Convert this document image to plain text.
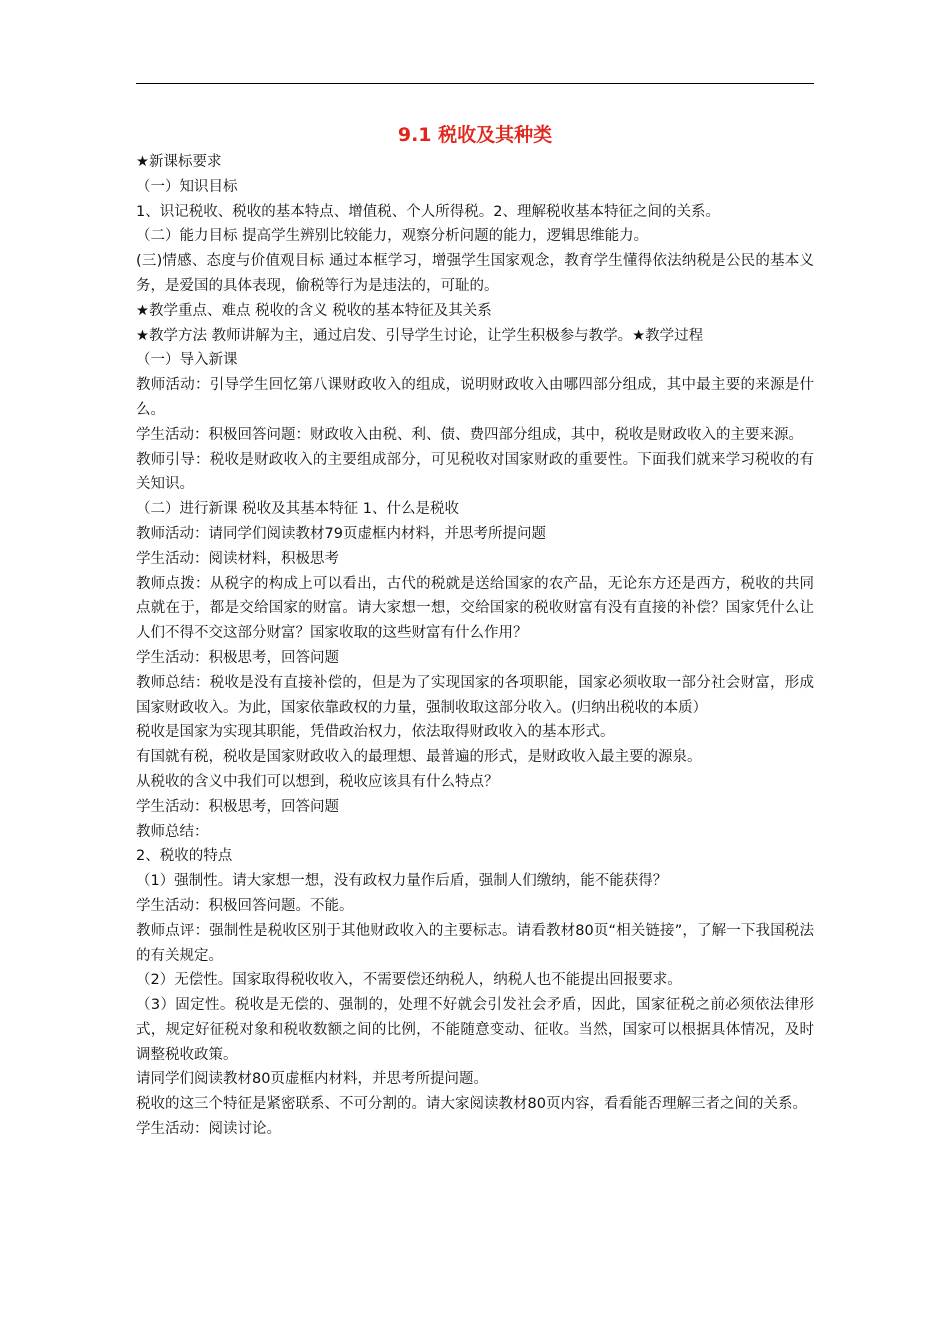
9.1 税收及其种类

★新课标要求

（一）知识目标

1、识记税收、税收的基本特点、增值税、个人所得税。2、理解税收基本特征之间的关系。

（二）能力目标 提高学生辨别比较能力，观察分析问题的能力，逻辑思维能力。

(三)情感、态度与价值观目标 通过本框学习，增强学生国家观念，教育学生懂得依法纳税是公民的基本义务，是爱国的具体表现，偷税等行为是违法的，可耻的。

★教学重点、难点 税收的含义 税收的基本特征及其关系

★教学方法 教师讲解为主，通过启发、引导学生讨论，让学生积极参与教学。★教学过程

（一）导入新课

教师活动：引导学生回忆第八课财政收入的组成，说明财政收入由哪四部分组成，其中最主要的来源是什么。

学生活动：积极回答问题：财政收入由税、利、债、费四部分组成，其中，税收是财政收入的主要来源。

教师引导：税收是财政收入的主要组成部分，可见税收对国家财政的重要性。下面我们就来学习税收的有关知识。

（二）进行新课 税收及其基本特征 1、什么是税收

教师活动：请同学们阅读教材79页虚框内材料，并思考所提问题

学生活动：阅读材料，积极思考

教师点拨：从税字的构成上可以看出，古代的税就是送给国家的农产品，无论东方还是西方，税收的共同点就在于，都是交给国家的财富。请大家想一想，交给国家的税收财富有没有直接的补偿？国家凭什么让人们不得不交这部分财富？国家收取的这些财富有什么作用？

学生活动：积极思考，回答问题

教师总结：税收是没有直接补偿的，但是为了实现国家的各项职能，国家必须收取一部分社会财富，形成国家财政收入。为此，国家依靠政权的力量，强制收取这部分收入。(归纳出税收的本质）

税收是国家为实现其职能，凭借政治权力，依法取得财政收入的基本形式。

有国就有税，税收是国家财政收入的最理想、最普遍的形式，是财政收入最主要的源泉。

从税收的含义中我们可以想到，税收应该具有什么特点？

学生活动：积极思考，回答问题

教师总结：

2、税收的特点

（1）强制性。请大家想一想，没有政权力量作后盾，强制人们缴纳，能不能获得？

学生活动：积极回答问题。不能。

教师点评：强制性是税收区别于其他财政收入的主要标志。请看教材80页“相关链接”，了解一下我国税法的有关规定。

（2）无偿性。国家取得税收收入，不需要偿还纳税人，纳税人也不能提出回报要求。

（3）固定性。税收是无偿的、强制的，处理不好就会引发社会矛盾，因此，国家征税之前必须依法律形式，规定好征税对象和税收数额之间的比例，不能随意变动、征收。当然，国家可以根据具体情况，及时调整税收政策。

请同学们阅读教材80页虚框内材料，并思考所提问题。

税收的这三个特征是紧密联系、不可分割的。请大家阅读教材80页内容，看看能否理解三者之间的关系。

学生活动：阅读讨论。
